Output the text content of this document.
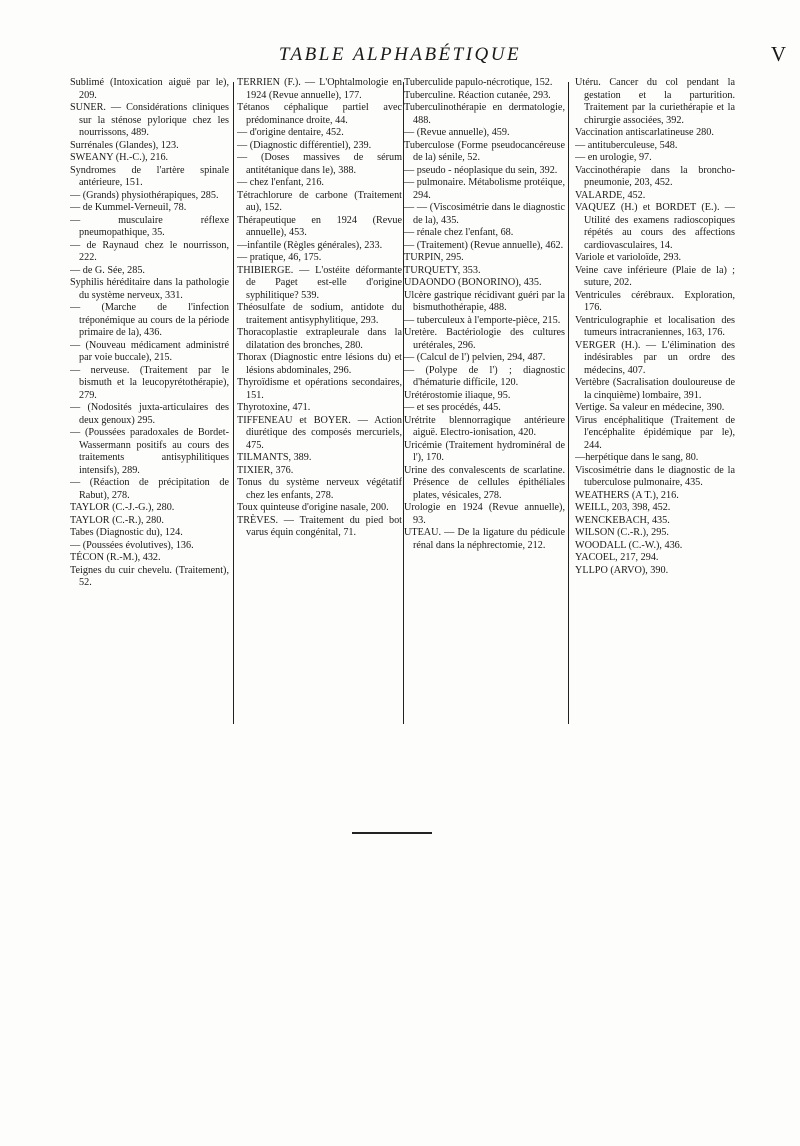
TABLE ALPHABÉTIQUE	V

Sublimé (Intoxication aiguë par le), 209.

SUNER. — Considérations cliniques sur la sténose pylorique chez les nourrissons, 489.

Surrénales (Glandes), 123.

SWEANY (H.-C.), 216.

Syndromes de l'artère spinale antérieure, 151.

— (Grands) physiothérapiques, 285.

— de Kummel-Verneuil, 78.

— musculaire réflexe pneumopathique, 35.

— de Raynaud chez le nourrisson, 222.

— de G. Sée, 285.

Syphilis héréditaire dans la pathologie du système nerveux, 331.

— (Marche de l'infection tréponémique au cours de la période primaire de la), 436.

— (Nouveau médicament administré par voie buccale), 215.

— nerveuse. (Traitement par le bismuth et la leucopyrétothérapie), 279.

— (Nodosités juxta-articulaires des deux genoux) 295.

— (Poussées paradoxales de Bordet-Wassermann positifs au cours des traitements antisyphilitiques intensifs), 289.

— (Réaction de précipitation de Rabut), 278.

TAYLOR (C.-J.-G.), 280.

TAYLOR (C.-R.), 280.

Tabes (Diagnostic du), 124.

— (Poussées évolutives), 136.

TÉCON (R.-M.), 432.

Teignes du cuir chevelu. (Traitement), 52.

TERRIEN (F.). — L'Ophtalmologie en 1924 (Revue annuelle), 177.

Tétanos céphalique partiel avec prédominance droite, 44.

— d'origine dentaire, 452.

— (Diagnostic différentiel), 239.

— (Doses massives de sérum antitétanique dans le), 388.

— chez l'enfant, 216.

Tétrachlorure de carbone (Traitement au), 152.

Thérapeutique en 1924 (Revue annuelle), 453.

—infantile (Règles générales), 233.

— pratique, 46, 175.

THIBIERGE. — L'ostéite déformante de Paget est-elle d'origine syphilitique? 539.

Théosulfate de sodium, antidote du traitement antisyphylitique, 293.

Thoracoplastie extrapleurale dans la dilatation des bronches, 280.

Thorax (Diagnostic entre lésions du) et lésions abdominales, 296.

Thyroïdisme et opérations secondaires, 151.

Thyrotoxine, 471.

TIFFENEAU et BOYER. — Action diurétique des composés mercuriels, 475.

TILMANTS, 389.

TIXIER, 376.

Tonus du système nerveux végétatif chez les enfants, 278.

Toux quinteuse d'origine nasale, 200.

TRÈVES. — Traitement du pied bot varus équin congénital, 71.

Tuberculide papulo-nécrotique, 152.

Tuberculine. Réaction cutanée, 293.

Tuberculinothérapie en dermatologie, 488.

— (Revue annuelle), 459.

Tuberculose (Forme pseudocancéreuse de la) sénile, 52.

— pseudo - néoplasique du sein, 392.

— pulmonaire. Métabolisme protéique, 294.

— — (Viscosimétrie dans le diagnostic de la), 435.

— rénale chez l'enfant, 68.

— (Traitement) (Revue annuelle), 462.

TURPIN, 295.

TURQUETY, 353.

UDAONDO (BONORINO), 435.

Ulcère gastrique récidivant guéri par la bismuthothérapie, 488.

— tuberculeux à l'emporte-pièce, 215.

Uretère. Bactériologie des cultures urétérales, 296.

— (Calcul de l') pelvien, 294, 487.

— (Polype de l') ; diagnostic d'hématurie difficile, 120.

Urétérostomie iliaque, 95.

— et ses procédés, 445.

Urétrite blennorragique antérieure aiguë. Electro-ionisation, 420.

Uricémie (Traitement hydrominéral de l'), 170.

Urine des convalescents de scarlatine. Présence de cellules épithéliales plates, vésicales, 278.

Urologie en 1924 (Revue annuelle), 93.

UTEAU. — De la ligature du pédicule rénal dans la néphrectomie, 212.

Utéru. Cancer du col pendant la gestation et la parturition. Traitement par la curiethérapie et la chirurgie associées, 392.

Vaccination antiscarlatineuse 280.

— antituberculeuse, 548.

— en urologie, 97.

Vaccinothérapie dans la broncho-pneumonie, 203, 452.

VALARDE, 452.

VAQUEZ (H.) et BORDET (E.). — Utilité des examens radioscopiques répétés au cours des affections cardiovasculaires, 14.

Variole et varioloïde, 293.

Veine cave inférieure (Plaie de la) ; suture, 202.

Ventricules cérébraux. Exploration, 176.

Ventriculographie et localisation des tumeurs intracraniennes, 163, 176.

VERGER (H.). — L'élimination des indésirables par un ordre des médecins, 407.

Vertèbre (Sacralisation douloureuse de la cinquième) lombaire, 391.

Vertige. Sa valeur en médecine, 390.

Virus encéphalitique (Traitement de l'encéphalite épidémique par le), 244.

—herpétique dans le sang, 80.

Viscosimétrie dans le diagnostic de la tuberculose pulmonaire, 435.

WEATHERS (A T.), 216.

WEILL, 203, 398, 452.

WENCKEBACH, 435.

WILSON (C.-R.), 295.

WOODALL (C.-W.), 436.

YACOEL, 217, 294.

YLLPO (ARVO), 390.
